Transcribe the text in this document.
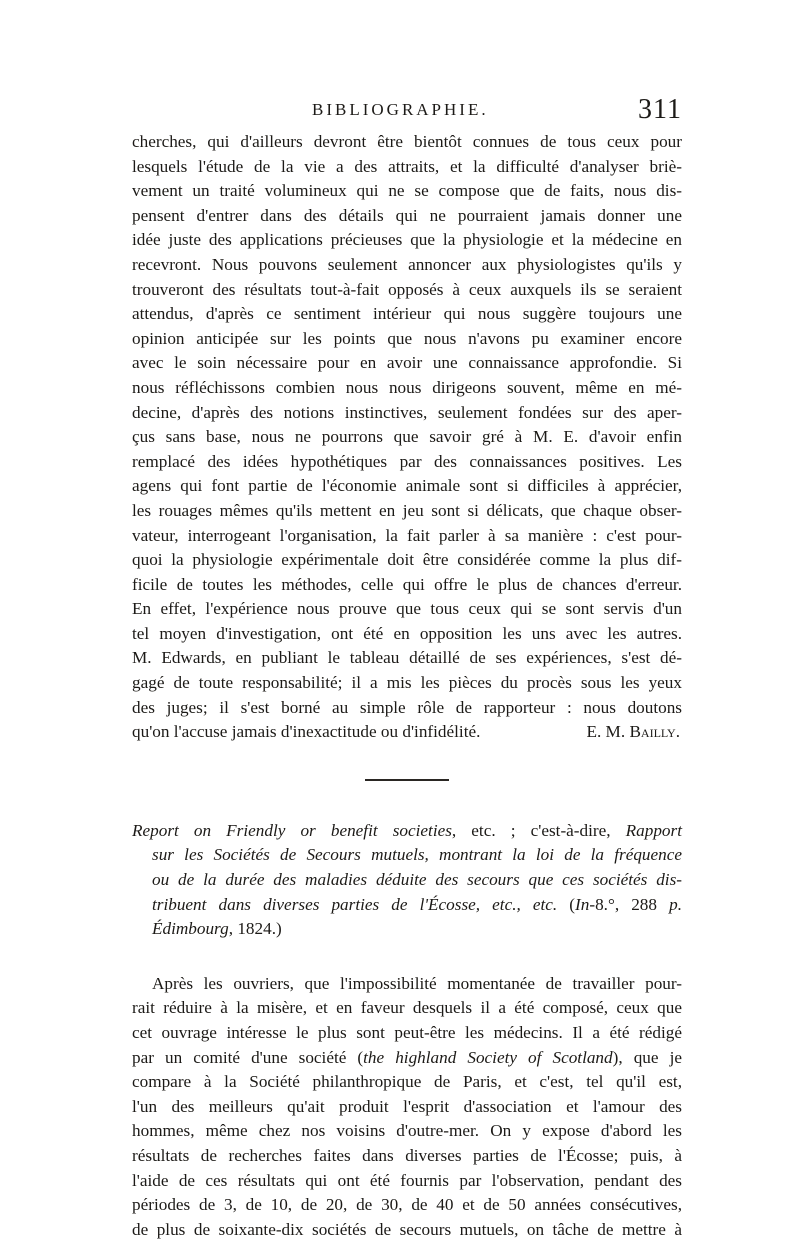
BIBLIOGRAPHIE.	311

cherches, qui d'ailleurs devront être bientôt connues de tous ceux pour

lesquels l'étude de la vie a des attraits, et la difficulté d'analyser briè-

vement un traité volumineux qui ne se compose que de faits, nous dis-

pensent d'entrer dans des détails qui ne pourraient jamais donner une

idée juste des applications précieuses que la physiologie et la médecine en

recevront. Nous pouvons seulement annoncer aux physiologistes qu'ils y

trouveront des résultats tout-à-fait opposés à ceux auxquels ils se seraient

attendus, d'après ce sentiment intérieur qui nous suggère toujours une

opinion anticipée sur les points que nous n'avons pu examiner encore

avec le soin nécessaire pour en avoir une connaissance approfondie. Si

nous réfléchissons combien nous nous dirigeons souvent, même en mé-

decine, d'après des notions instinctives, seulement fondées sur des aper-

çus sans base, nous ne pourrons que savoir gré à M. E. d'avoir enfin

remplacé des idées hypothétiques par des connaissances positives. Les

agens qui font partie de l'économie animale sont si difficiles à apprécier,

les rouages mêmes qu'ils mettent en jeu sont si délicats, que chaque obser-

vateur, interrogeant l'organisation, la fait parler à sa manière : c'est pour-

quoi la physiologie expérimentale doit être considérée comme la plus dif-

ficile de toutes les méthodes, celle qui offre le plus de chances d'erreur.

En effet, l'expérience nous prouve que tous ceux qui se sont servis d'un

tel moyen d'investigation, ont été en opposition les uns avec les autres.

M. Edwards, en publiant le tableau détaillé de ses expériences, s'est dé-

gagé de toute responsabilité; il a mis les pièces du procès sous les yeux

des juges; il s'est borné au simple rôle de rapporteur : nous doutons

qu'on l'accuse jamais d'inexactitude ou d'infidélité.	E. M. Bailly.

Report on Friendly or benefit societies, etc. ; c'est-à-dire, Rapport

sur les Sociétés de Secours mutuels, montrant la loi de la fréquence

ou de la durée des maladies déduite des secours que ces sociétés dis-

tribuent dans diverses parties de l'Écosse, etc., etc. (In-8.°, 288 p.

Édimbourg, 1824.)

Après les ouvriers, que l'impossibilité momentanée de travailler pour-

rait réduire à la misère, et en faveur desquels il a été composé, ceux que

cet ouvrage intéresse le plus sont peut-être les médecins. Il a été rédigé

par un comité d'une société (the highland Society of Scotland), que je

compare à la Société philanthropique de Paris, et c'est, tel qu'il est,

l'un des meilleurs qu'ait produit l'esprit d'association et l'amour des

hommes, même chez nos voisins d'outre-mer. On y expose d'abord les

résultats de recherches faites dans diverses parties de l'Écosse; puis, à

l'aide de ces résultats qui ont été fournis par l'observation, pendant des

périodes de 3, de 10, de 20, de 30, de 40 et de 50 années consécutives,

de plus de soixante-dix sociétés de secours mutuels, on tâche de mettre à
